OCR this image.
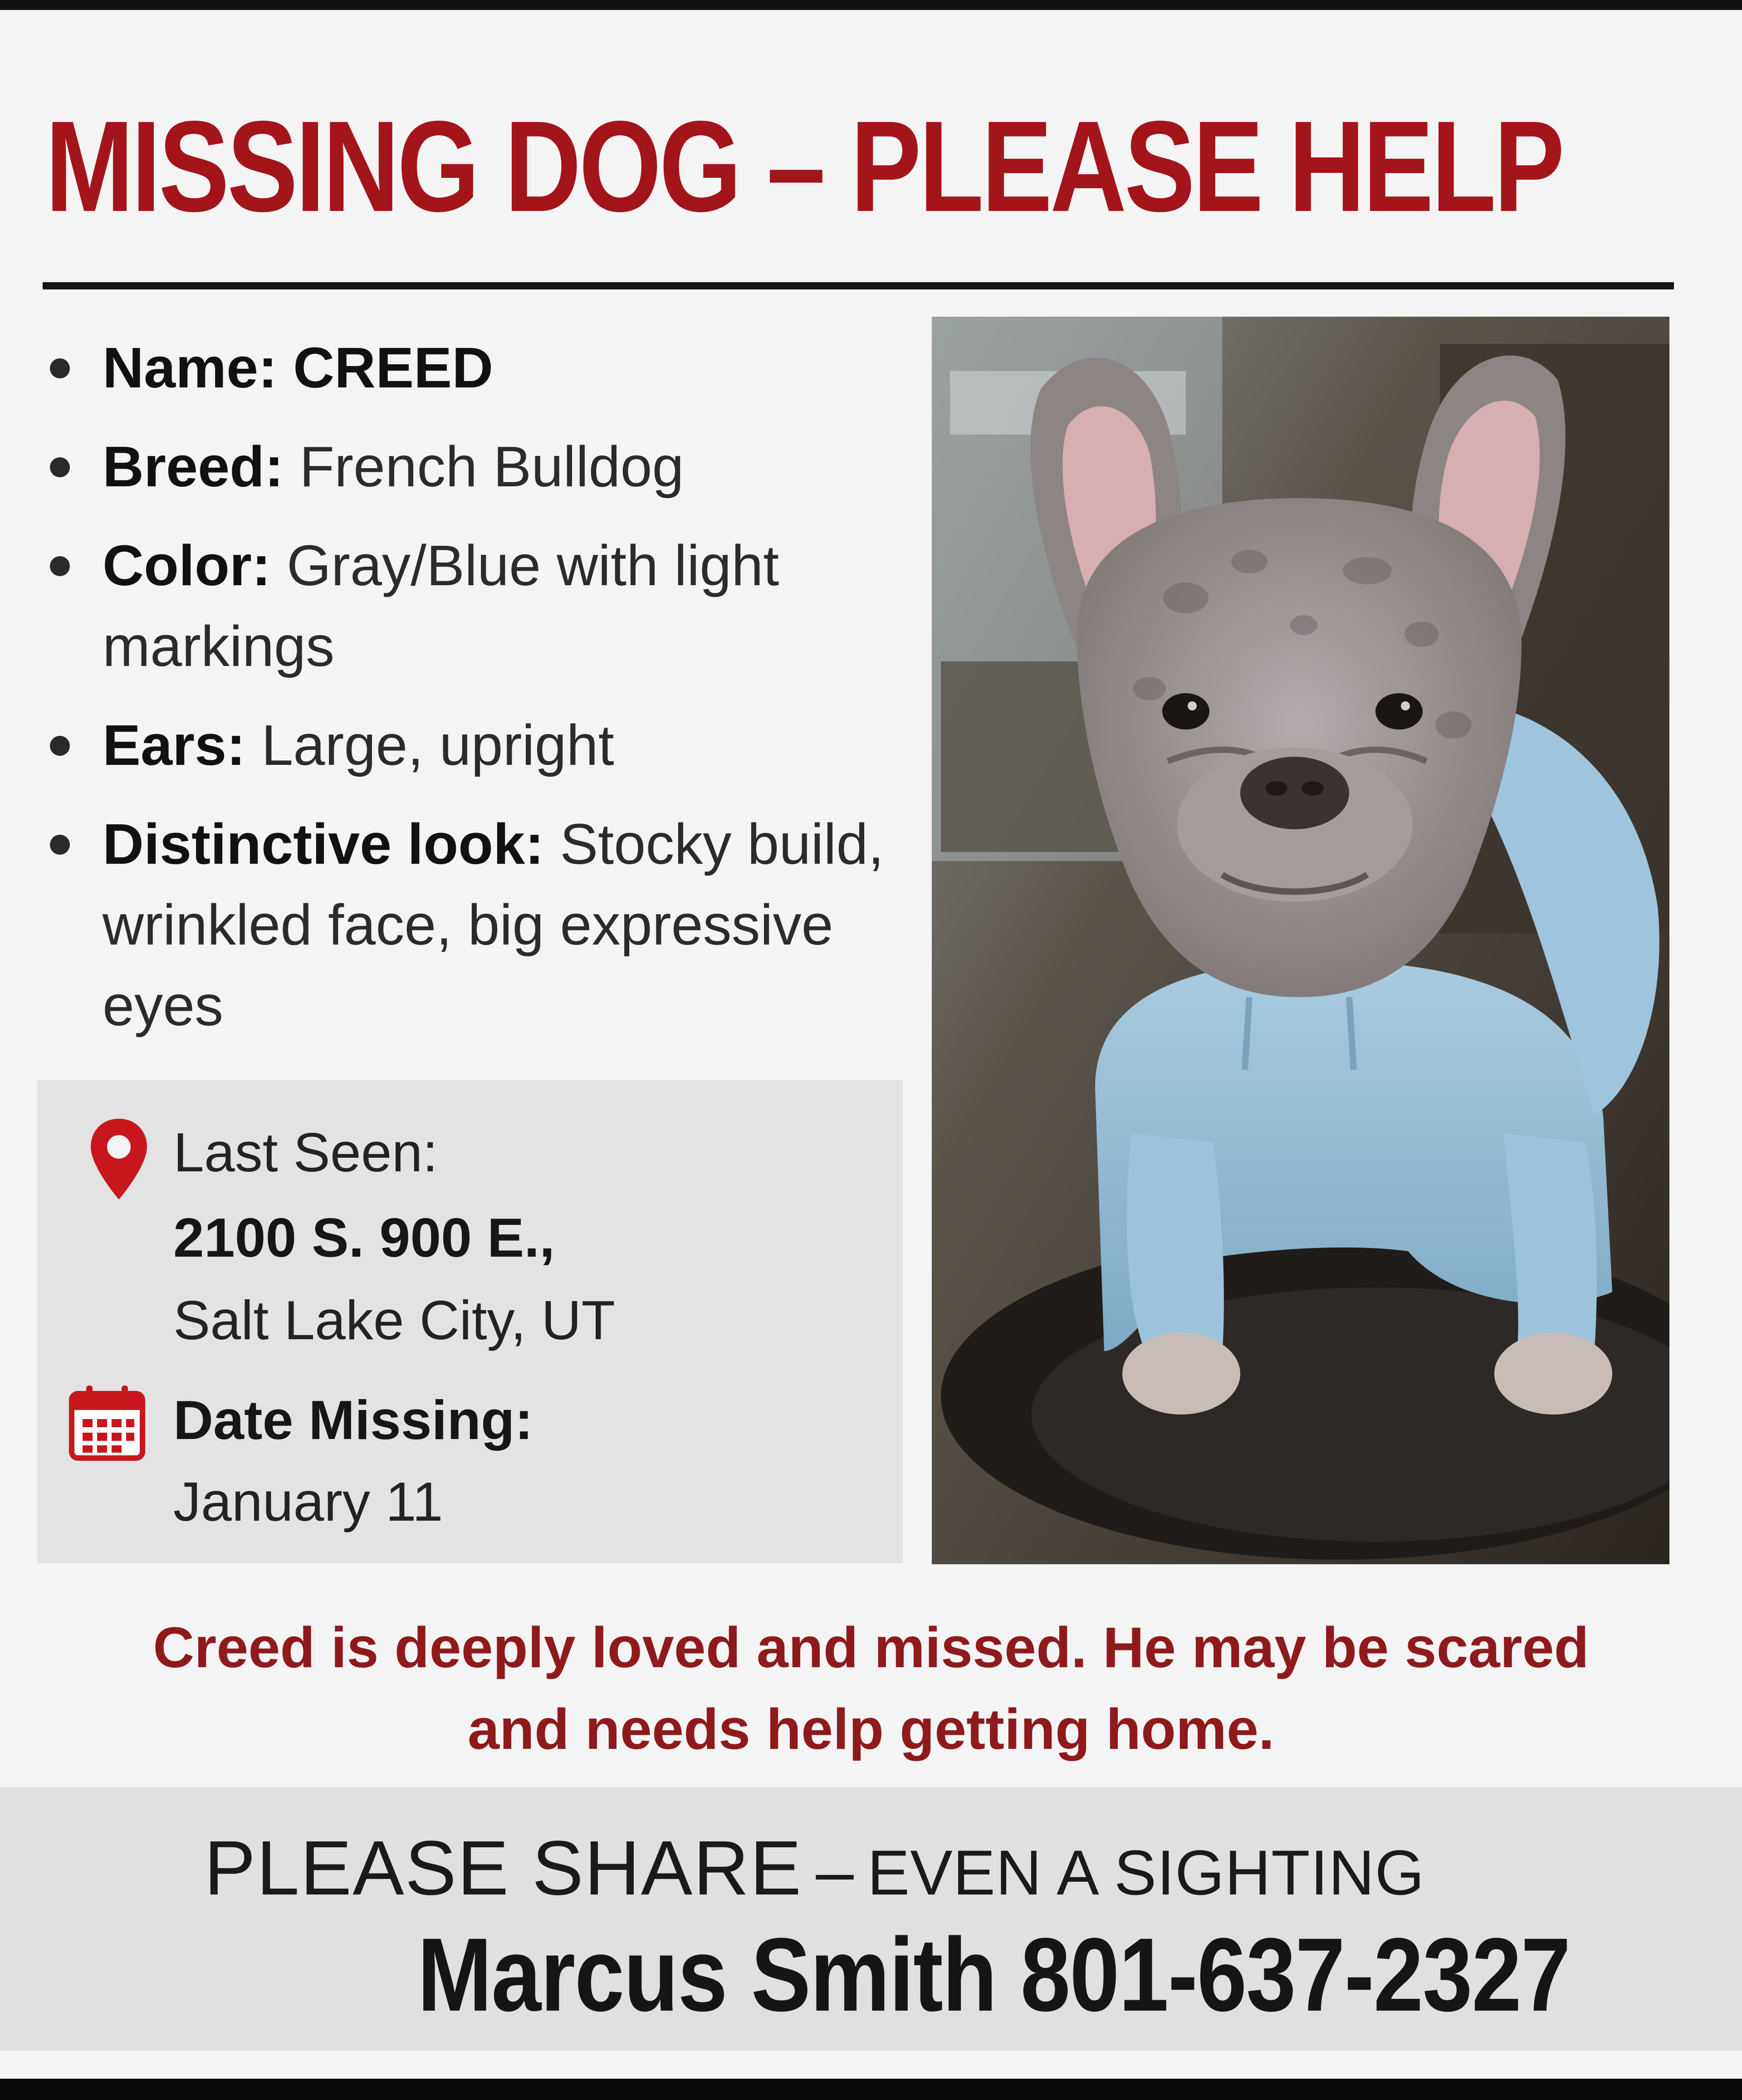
MISSING DOG – PLEASE HELP
Name: CREED
Breed: French Bulldog
Color: Gray/Blue with light markings
Ears: Large, upright
Distinctive look: Stocky build, wrinkled face, big expressive eyes
Last Seen:
2100 S. 900 E.,
Salt Lake City, UT
Date Missing:
January 11
Creed is deeply loved and missed. He may be scared
and needs help getting home.
PLEASE SHARE – EVEN A SIGHTING
Marcus Smith 801-637-2327
